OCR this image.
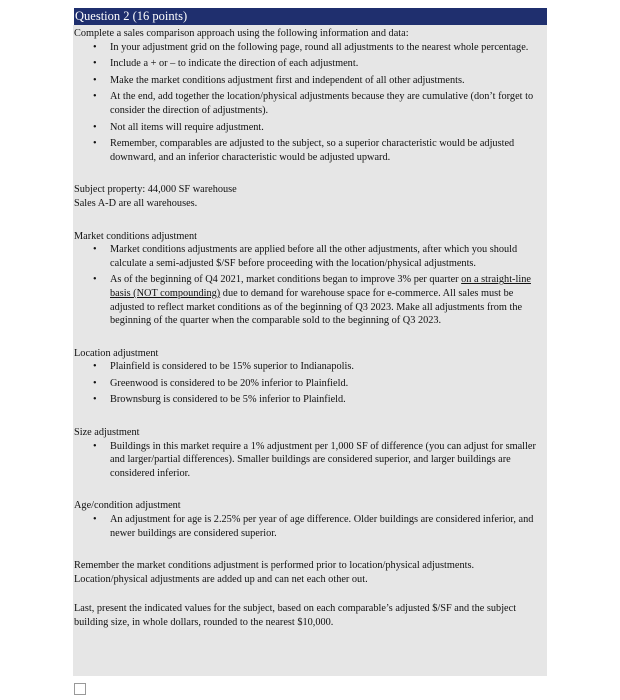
Question 2 (16 points)

Complete a sales comparison approach using the following information and data:

• In your adjustment grid on the following page, round all adjustments to the nearest whole percentage.
• Include a + or – to indicate the direction of each adjustment.
• Make the market conditions adjustment first and independent of all other adjustments.
• At the end, add together the location/physical adjustments because they are cumulative (don’t forget to consider the direction of adjustments).
• Not all items will require adjustment.
• Remember, comparables are adjusted to the subject, so a superior characteristic would be adjusted downward, and an inferior characteristic would be adjusted upward.

Subject property: 44,000 SF warehouse

Sales A-D are all warehouses.

Market conditions adjustment

• Market conditions adjustments are applied before all the other adjustments, after which you should calculate a semi-adjusted $/SF before proceeding with the location/physical adjustments.
• As of the beginning of Q4 2021, market conditions began to improve 3% per quarter on a straight-line basis (NOT compounding) due to demand for warehouse space for e-commerce. All sales must be adjusted to reflect market conditions as of the beginning of Q3 2023. Make all adjustments from the beginning of the quarter when the comparable sold to the beginning of Q3 2023.

Location adjustment

• Plainfield is considered to be 15% superior to Indianapolis.
• Greenwood is considered to be 20% inferior to Plainfield.
• Brownsburg is considered to be 5% inferior to Plainfield.

Size adjustment

• Buildings in this market require a 1% adjustment per 1,000 SF of difference (you can adjust for smaller and larger/partial differences). Smaller buildings are considered superior, and larger buildings are considered inferior.

Age/condition adjustment

• An adjustment for age is 2.25% per year of age difference. Older buildings are considered inferior, and newer buildings are considered superior.

Remember the market conditions adjustment is performed prior to location/physical adjustments. Location/physical adjustments are added up and can net each other out.

Last, present the indicated values for the subject, based on each comparable’s adjusted $/SF and the subject building size, in whole dollars, rounded to the nearest $10,000.
